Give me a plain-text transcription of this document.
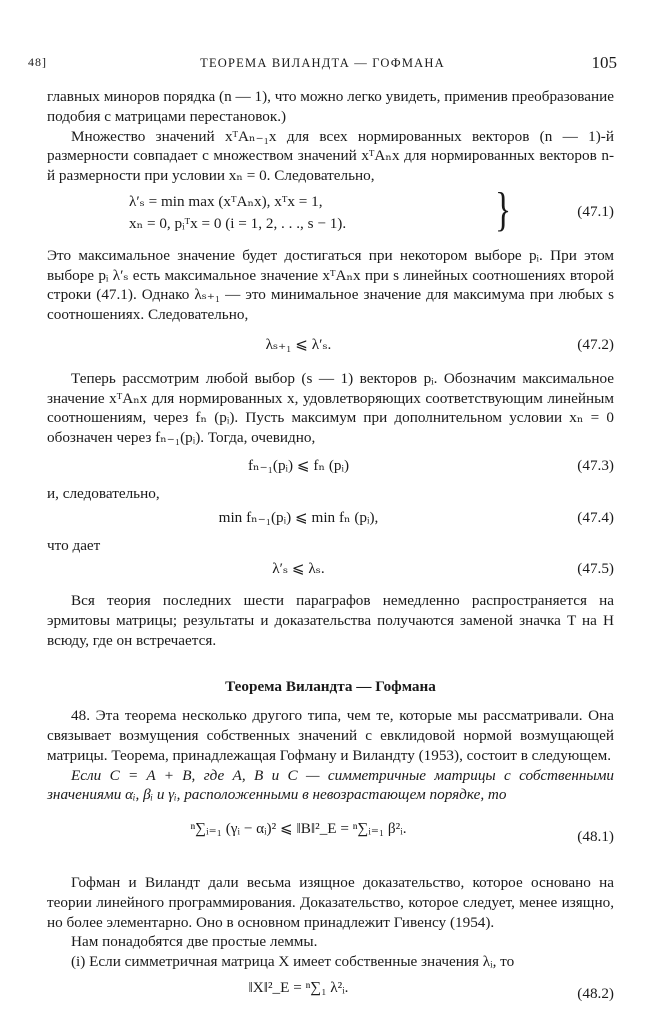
48]	ТЕОРЕМА ВИЛАНДТА — ГОФМАНА	105

главных миноров порядка (n — 1), что можно легко увидеть, применив преобразование подобия с матрицами перестановок.)

Множество значений xᵀAₙ₋₁x для всех нормированных векторов (n — 1)-й размерности совпадает с множеством значений xᵀAₙx для нормированных векторов n-й размерности при условии xₙ = 0. Следовательно,

λ′ₛ = min max (xᵀAₙx), xᵀx = 1,
xₙ = 0, pᵢᵀx = 0 (i = 1, 2, . . ., s − 1).	}	(47.1)

Это максимальное значение будет достигаться при некотором выборе pᵢ. При этом выборе pᵢ λ′ₛ есть максимальное значение xᵀAₙx при s линейных соотношениях второй строки (47.1). Однако λₛ₊₁ — это минимальное значение для максимума при любых s соотношениях. Следовательно,

λₛ₊₁ ⩽ λ′ₛ.	(47.2)

Теперь рассмотрим любой выбор (s — 1) векторов pᵢ. Обозначим максимальное значение xᵀAₙx для нормированных x, удовлетворяющих соответствующим линейным соотношениям, через fₙ (pᵢ). Пусть максимум при дополнительном условии xₙ = 0 обозначен через fₙ₋₁(pᵢ). Тогда, очевидно,

fₙ₋₁(pᵢ) ⩽ fₙ (pᵢ)	(47.3)

и, следовательно,

min fₙ₋₁(pᵢ) ⩽ min fₙ (pᵢ),	(47.4)

что дает

λ′ₛ ⩽ λₛ.	(47.5)

Вся теория последних шести параграфов немедленно распространяется на эрмитовы матрицы; результаты и доказательства получаются заменой значка T на H всюду, где он встречается.

Теорема Виландта — Гофмана

48. Эта теорема несколько другого типа, чем те, которые мы рассматривали. Она связывает возмущения собственных значений с евклидовой нормой возмущающей матрицы. Теорема, принадлежащая Гофману и Виландту (1953), состоит в следующем.

Если C = A + B, где A, B и C — симметричные матрицы с собственными значениями αᵢ, βᵢ и γᵢ, расположенными в невозрастающем порядке, то

ⁿ∑ᵢ₌₁ (γᵢ − αᵢ)² ⩽ ‖B‖²_E = ⁿ∑ᵢ₌₁ β²ᵢ.	(48.1)

Гофман и Виландт дали весьма изящное доказательство, которое основано на теории линейного программирования. Доказательство, которое следует, менее изящно, но более элементарно. Оно в основном принадлежит Гивенсу (1954).

Нам понадобятся две простые леммы.

(i) Если симметричная матрица X имеет собственные значения λᵢ, то

‖X‖²_E = ⁿ∑₁ λ²ᵢ.	(48.2)
